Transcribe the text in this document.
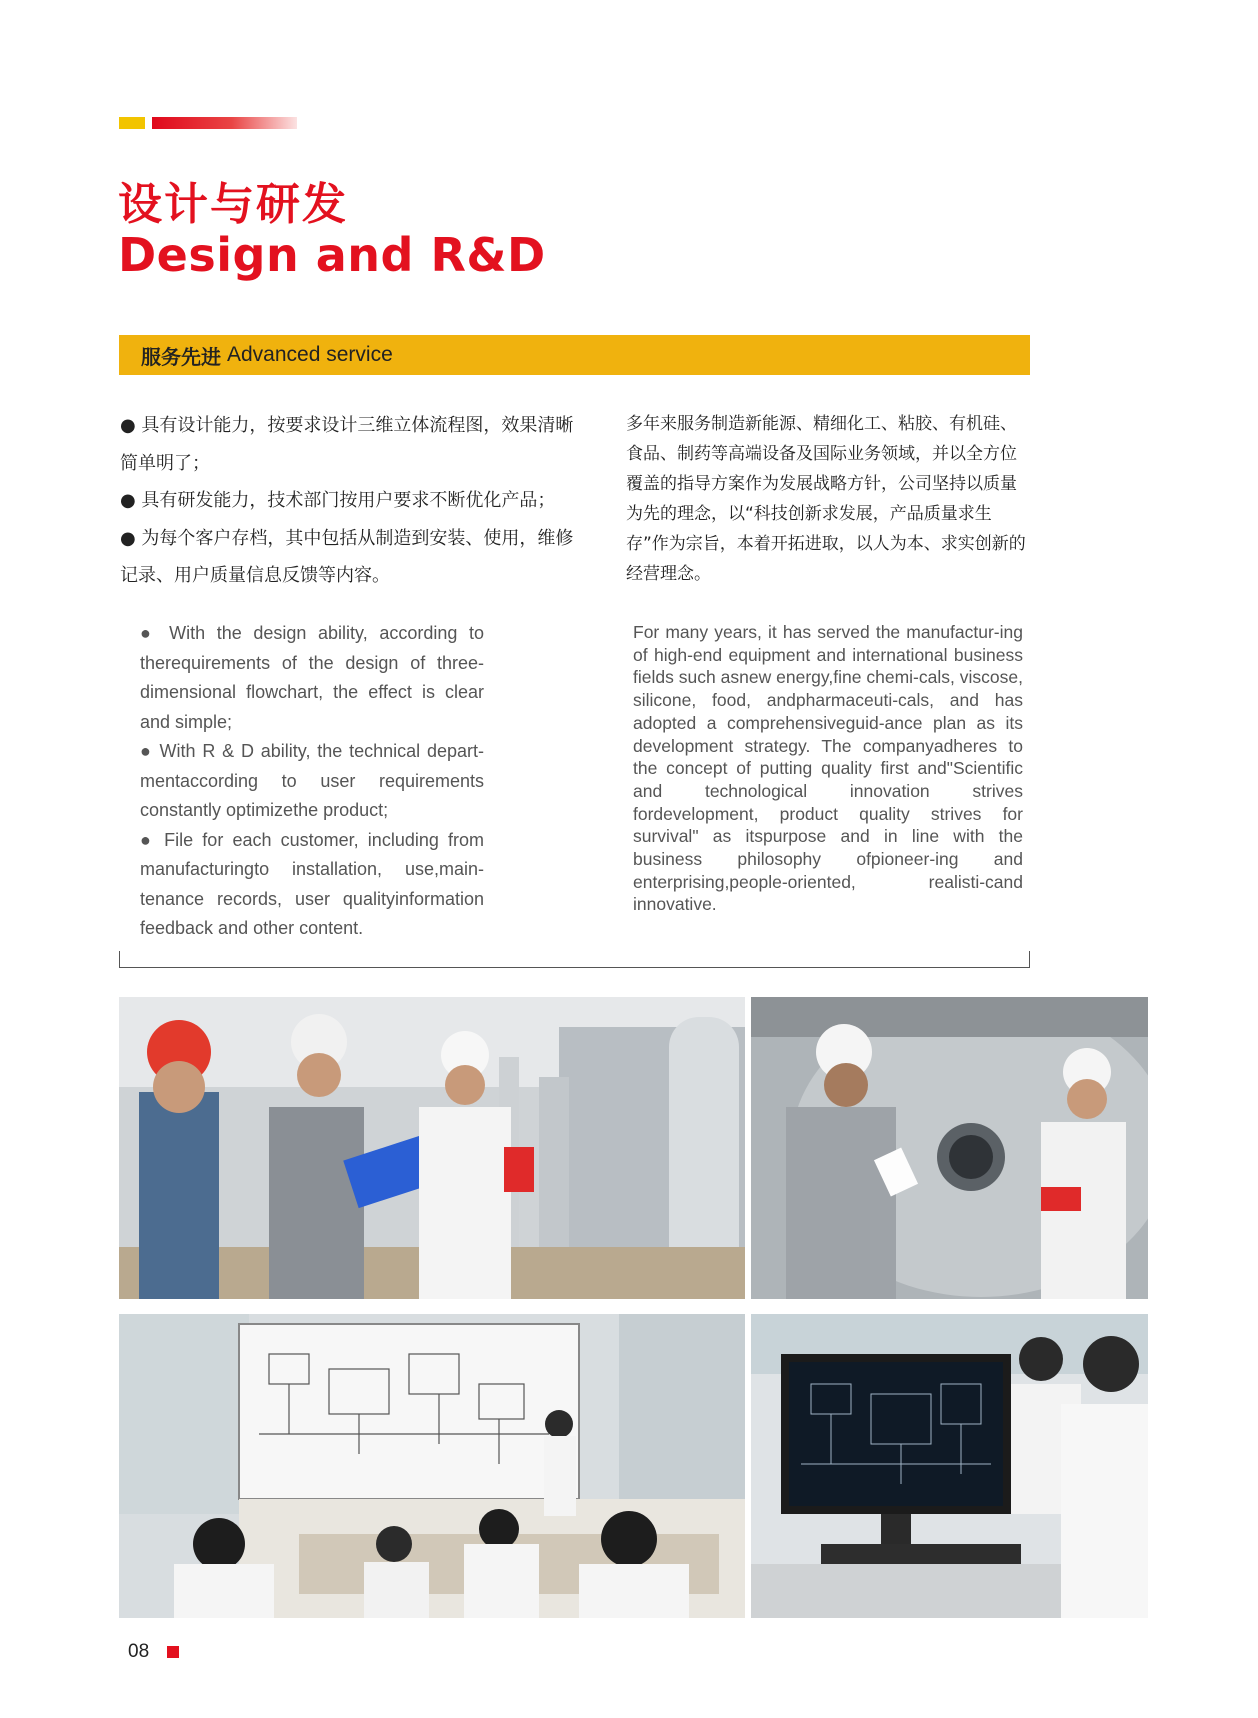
设计与研发
Design and R&D
服务先进 Advanced service

● 具有设计能力，按要求设计三维立体流程图，效果清晰简单明了；

● 具有研发能力，技术部门按用户要求不断优化产品；

● 为每个客户存档，其中包括从制造到安装、使用，维修记录、用户质量信息反馈等内容。

多年来服务制造新能源、精细化工、粘胶、有机硅、食品、制药等高端设备及国际业务领域，并以全方位覆盖的指导方案作为发展战略方针，公司坚持以质量为先的理念，以“科技创新求发展，产品质量求生存”作为宗旨，本着开拓进取，以人为本、求实创新的经营理念。

● With the design ability, according to therequirements of the design of three-dimensional flowchart, the effect is clear and simple;

● With R & D ability, the technical depart-mentaccording to user requirements constantly optimizethe product;

● File for each customer, including from manufacturingto installation, use,main-tenance records, user qualityinformation feedback and other content.

For many years, it has served the manufactur-ing of high-end equipment and international business fields such asnew energy,fine chemi-cals, viscose, silicone, food, andpharmaceuti-cals, and has adopted a comprehensiveguid-ance plan as its development strategy. The companyadheres to the concept of putting quality first and"Scientific and technological innovation strives fordevelopment, product quality strives for survival" as itspurpose and in line with the business philosophy ofpioneer-ing and enterprising,people-oriented, realisti-cand innovative.

08
